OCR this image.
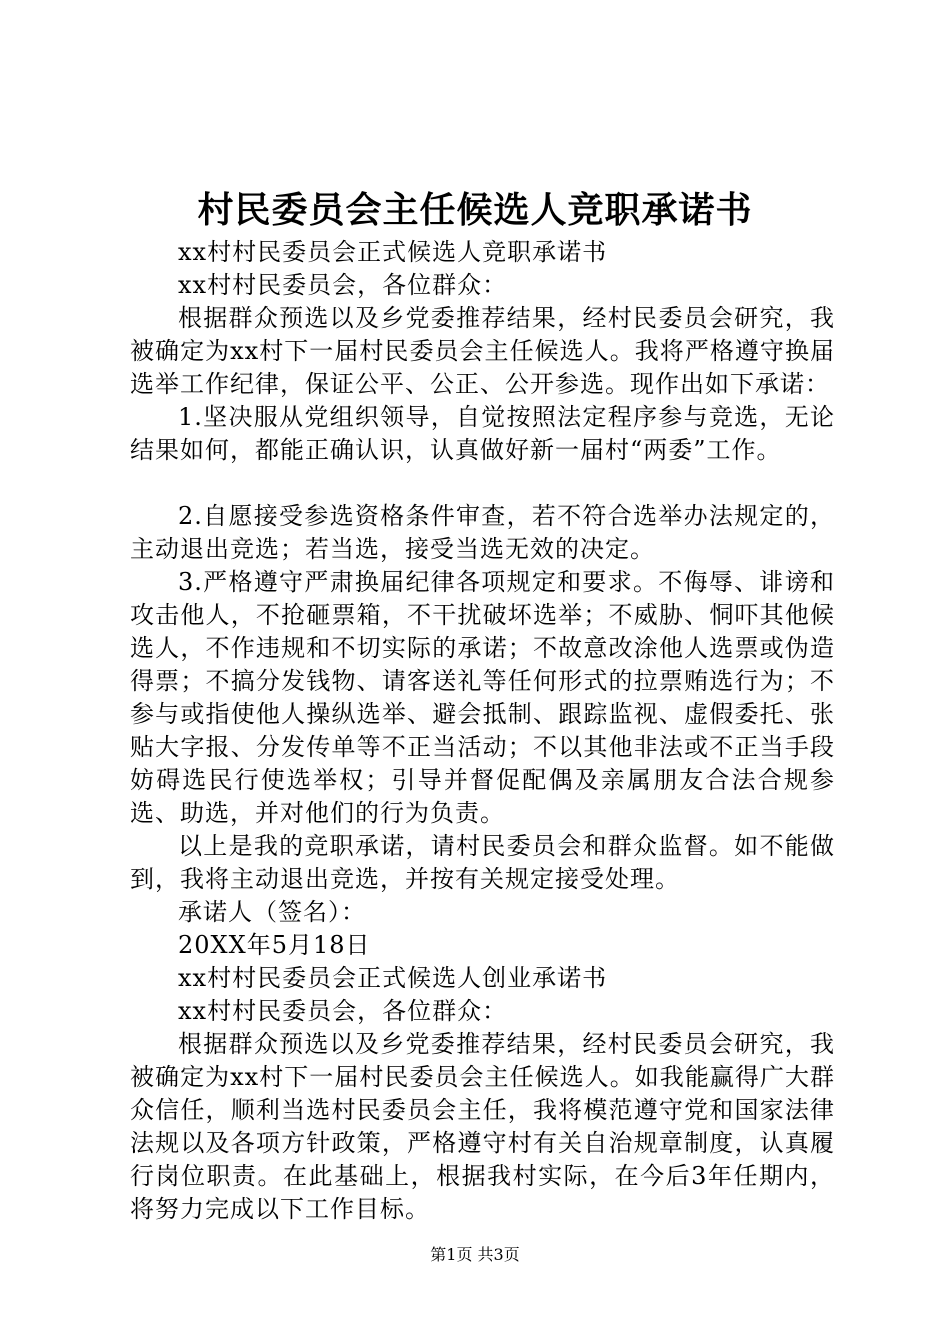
村民委员会主任候选人竞职承诺书

xx村村民委员会正式候选人竞职承诺书

xx村村民委员会，各位群众：

根据群众预选以及乡党委推荐结果，经村民委员会研究，我被确定为xx村下一届村民委员会主任候选人。我将严格遵守换届选举工作纪律，保证公平、公正、公开参选。现作出如下承诺：

1.坚决服从党组织领导，自觉按照法定程序参与竞选，无论结果如何，都能正确认识，认真做好新一届村“两委”工作。

2.自愿接受参选资格条件审查，若不符合选举办法规定的，主动退出竞选；若当选，接受当选无效的决定。

3.严格遵守严肃换届纪律各项规定和要求。不侮辱、诽谤和攻击他人，不抢砸票箱，不干扰破坏选举；不威胁、恫吓其他候选人，不作违规和不切实际的承诺；不故意改涂他人选票或伪造得票；不搞分发钱物、请客送礼等任何形式的拉票贿选行为；不参与或指使他人操纵选举、避会抵制、跟踪监视、虚假委托、张贴大字报、分发传单等不正当活动；不以其他非法或不正当手段妨碍选民行使选举权；引导并督促配偶及亲属朋友合法合规参选、助选，并对他们的行为负责。

以上是我的竞职承诺，请村民委员会和群众监督。如不能做到，我将主动退出竞选，并按有关规定接受处理。

承诺人（签名）：

20XX年5月18日

xx村村民委员会正式候选人创业承诺书

xx村村民委员会，各位群众：

根据群众预选以及乡党委推荐结果，经村民委员会研究，我被确定为xx村下一届村民委员会主任候选人。如我能赢得广大群众信任，顺利当选村民委员会主任，我将模范遵守党和国家法律法规以及各项方针政策，严格遵守村有关自治规章制度，认真履行岗位职责。在此基础上，根据我村实际，在今后3年任期内，将努力完成以下工作目标。

第1页 共3页
